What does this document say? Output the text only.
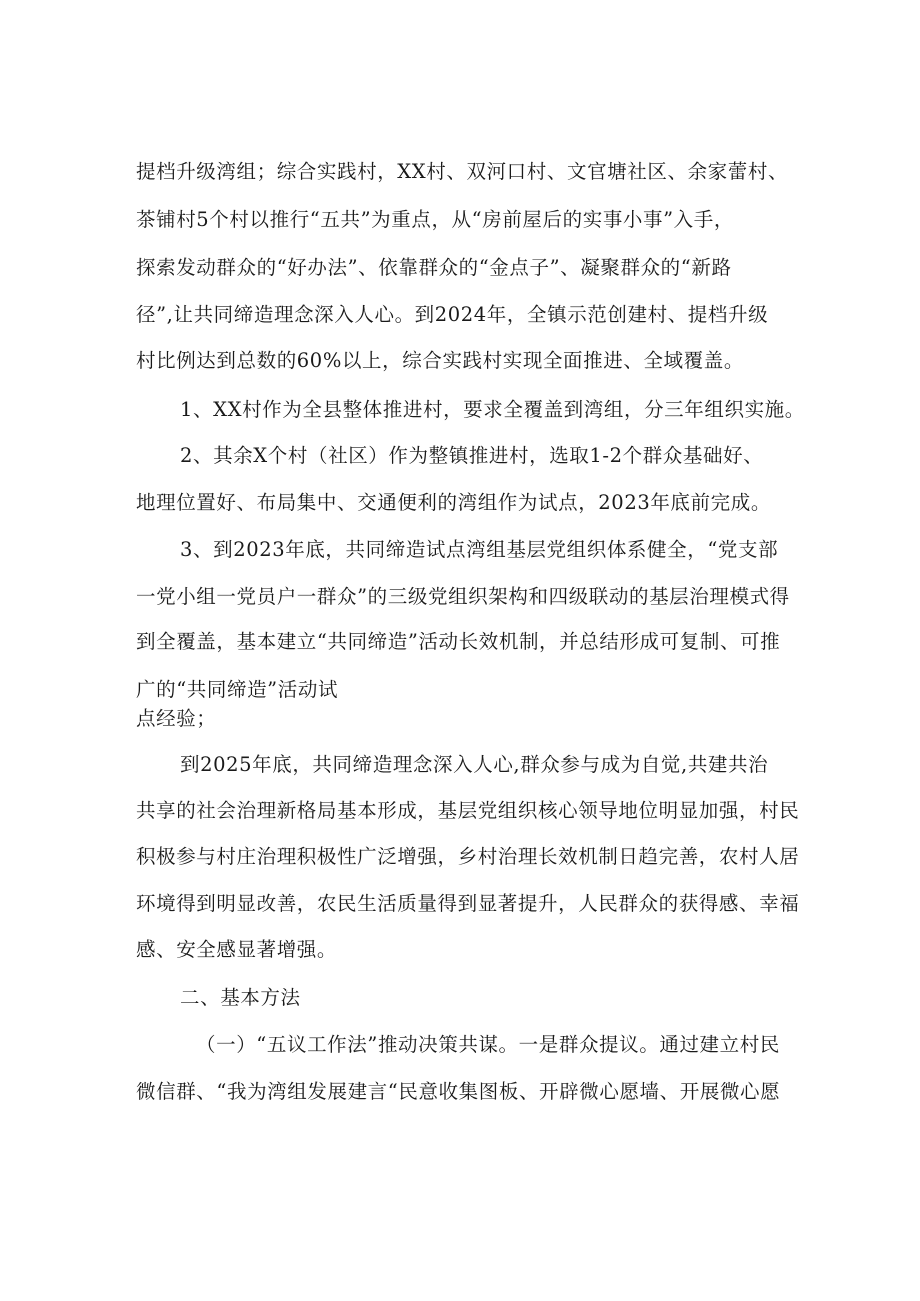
提档升级湾组；综合实践村，XX村、双河口村、文官塘社区、余家蕾村、
茶铺村5个村以推行“五共”为重点，从“房前屋后的实事小事”入手，
探索发动群众的“好办法”、依靠群众的“金点子”、凝聚群众的“新路
径”,让共同缔造理念深入人心。到2024年，全镇示范创建村、提档升级
村比例达到总数的60%以上，综合实践村实现全面推进、全域覆盖。
1、XX村作为全县整体推进村，要求全覆盖到湾组，分三年组织实施。
2、其余X个村（社区）作为整镇推进村，选取1-2个群众基础好、
地理位置好、布局集中、交通便利的湾组作为试点，2023年底前完成。
3、到2023年底，共同缔造试点湾组基层党组织体系健全，“党支部
一党小组一党员户一群众”的三级党组织架构和四级联动的基层治理模式得
到全覆盖，基本建立“共同缔造”活动长效机制，并总结形成可复制、可推
广的“共同缔造”活动试
点经验；
到2025年底，共同缔造理念深入人心,群众参与成为自觉,共建共治
共享的社会治理新格局基本形成，基层党组织核心领导地位明显加强，村民
积极参与村庄治理积极性广泛增强，乡村治理长效机制日趋完善，农村人居
环境得到明显改善，农民生活质量得到显著提升，人民群众的获得感、幸福
感、安全感显著增强。
二、基本方法
（一）“五议工作法”推动决策共谋。一是群众提议。通过建立村民
微信群、“我为湾组发展建言“民意收集图板、开辟微心愿墙、开展微心愿
